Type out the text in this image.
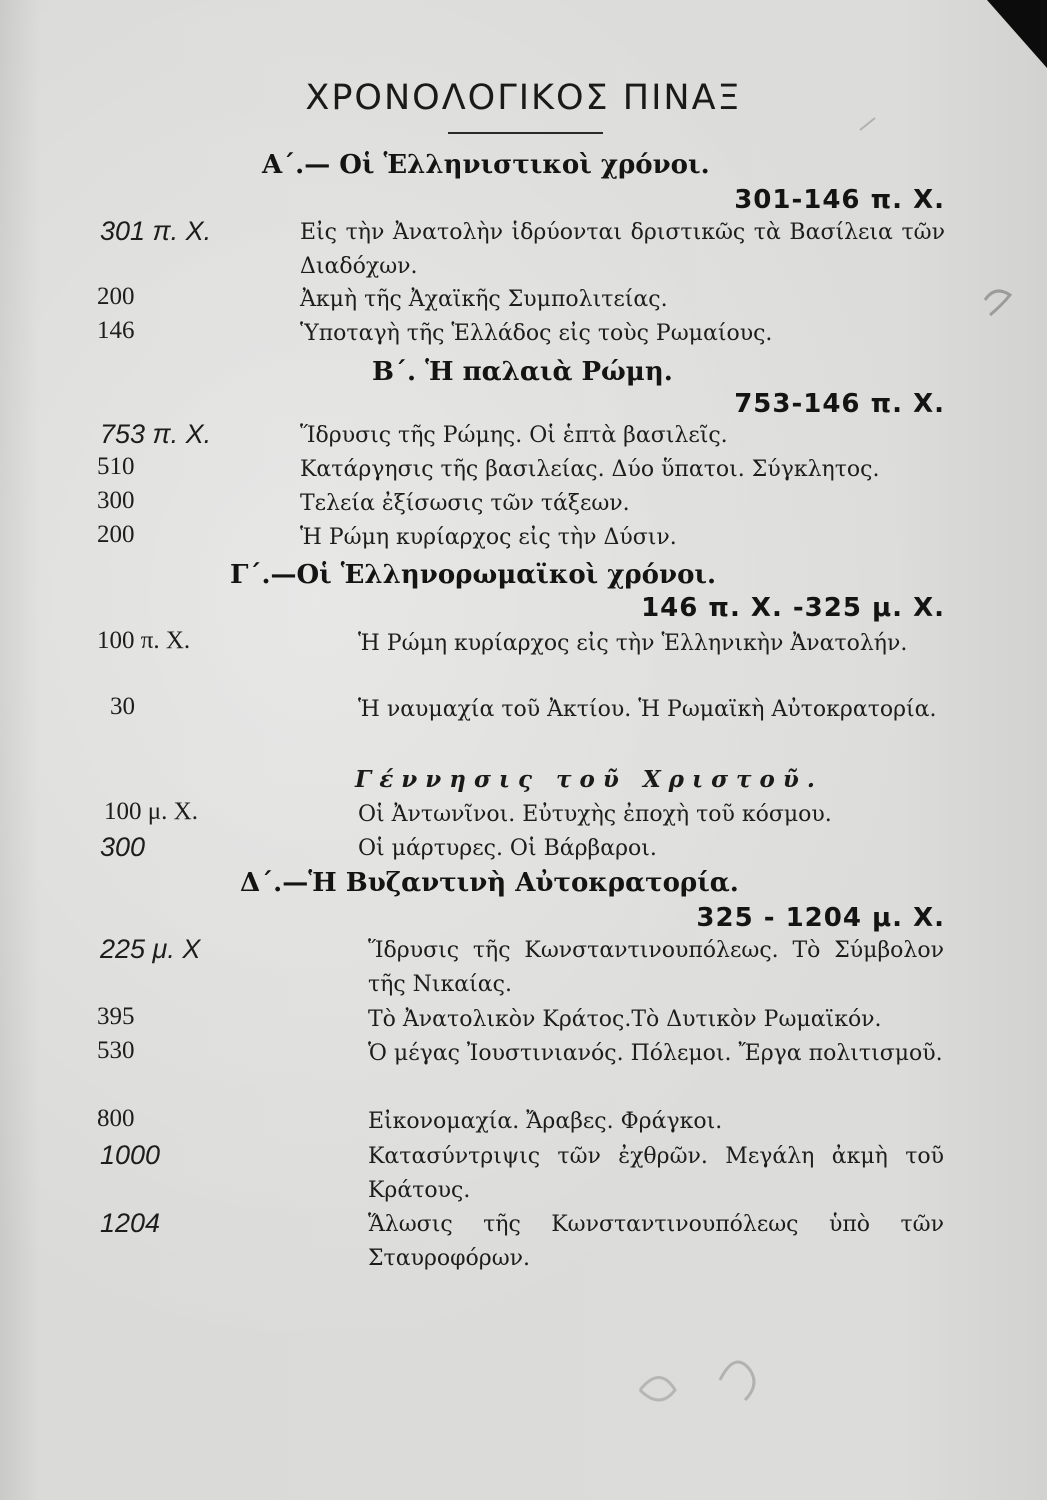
ΧΡΟΝΟΛΟΓΙΚΟΣ ΠΙΝΑΞ
Α΄.— Οἱ Ἑλληνιστικοὶ χρόνοι.
301-146 π. Χ.
301 π. Χ.	Εἰς τὴν Ἀνατολὴν ἱδρύονται δριστικῶς τὰ Βασίλεια τῶν Διαδόχων.
200	Ἀκμὴ τῆς Ἀχαϊκῆς Συμπολιτείας.
146	Ὑποταγὴ τῆς Ἑλλάδος εἰς τοὺς Ρωμαίους.
Β΄. Ἡ παλαιὰ Ρώμη.
753-146 π. Χ.
753 π. Χ.	Ἵδρυσις τῆς Ρώμης. Οἱ ἑπτὰ βασιλεῖς.
510	Κατάργησις τῆς βασιλείας. Δύο ὕπατοι. Σύγκλητος.
300	Τελεία ἐξίσωσις τῶν τάξεων.
200	Ἡ Ρώμη κυρίαρχος εἰς τὴν Δύσιν.
Γ΄.—Οἱ Ἑλληνορωμαϊκοὶ χρόνοι.
146 π. Χ. -325 μ. Χ.
100 π. Χ.	Ἡ Ρώμη κυρίαρχος εἰς τὴν Ἑλληνικὴν Ἀνατολήν.
30	Ἡ ναυμαχία τοῦ Ἀκτίου. Ἡ Ρωμαϊκὴ Αὐτοκρατορία.
Γέννησις τοῦ Χριστοῦ.
100 μ. Χ.	Οἱ Ἀντωνῖνοι. Εὐτυχὴς ἐποχὴ τοῦ κόσμου.
300	Οἱ μάρτυρες. Οἱ Βάρβαροι.
Δ΄.—Ἡ Βυζαντινὴ Αὐτοκρατορία.
325 - 1204 μ. Χ.
225 μ. Χ	Ἵδρυσις τῆς Κωνσταντινουπόλεως. Τὸ Σύμβολον τῆς Νικαίας.
395	Τὸ Ἀνατολικὸν Κράτος.Τὸ Δυτικὸν Ρωμαϊκόν.
530	Ὁ μέγας Ἰουστινιανός. Πόλεμοι. Ἔργα πολιτισμοῦ.
800	Εἰκονομαχία. Ἄραβες. Φράγκοι.
1000	Κατασύντριψις τῶν ἐχθρῶν. Μεγάλη ἀκμὴ τοῦ Κράτους.
1204	Ἅλωσις τῆς Κωνσταντινουπόλεως ὑπὸ τῶν Σταυροφόρων.
